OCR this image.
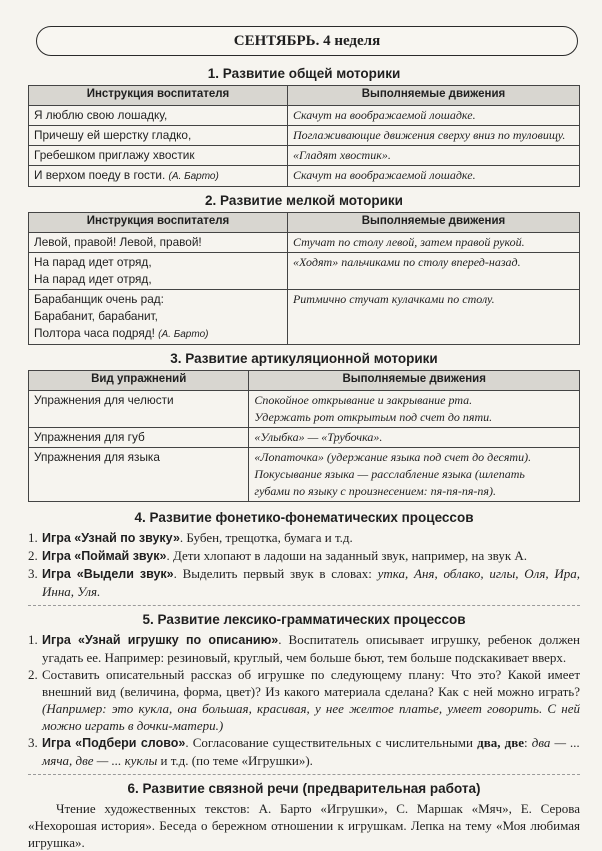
СЕНТЯБРЬ. 4 неделя
1. Развитие общей моторики
Инструкция воспитателя	Выполняемые движения
Я люблю свою лошадку,	Скачут на воображаемой лошадке.
Причешу ей шерстку гладко,	Поглаживающие движения сверху вниз по туловищу.
Гребешком приглажу хвостик	«Гладят хвостик».
И верхом поеду в гости. (А. Барто)	Скачут на воображаемой лошадке.
2. Развитие мелкой моторики
Инструкция воспитателя	Выполняемые движения
Левой, правой! Левой, правой!	Стучат по столу левой, затем правой рукой.

На парад идет отряд,
На парад идет отряд,	«Ходят» пальчиками по столу вперед-назад.

Барабанщик очень рад:
Барабанит, барабанит,
Полтора часа подряд! (А. Барто)	Ритмично стучат кулачками по столу.
3. Развитие артикуляционной моторики
Вид упражнений	Выполняемые движения
Упражнения для челюсти	Спокойное открывание и закрывание рта.
Удержать рот открытым под счет до пяти.

Упражнения для губ	«Улыбка» — «Трубочка».
Упражнения для языка	«Лопаточка» (удержание языка под счет до десяти).
Покусывание языка — расслабление языка (шлепать
губами по языку с произнесением: пя-пя-пя-пя).
4. Развитие фонетико-фонематических процессов
1. Игра «Узнай по звуку». Бубен, трещотка, бумага и т.д.
2. Игра «Поймай звук». Дети хлопают в ладоши на заданный звук, например, на звук А.
3. Игра «Выдели звук». Выделить первый звук в словах: утка, Аня, облако, иглы, Оля, Ира, Инна, Уля.
5. Развитие лексико-грамматических процессов
1. Игра «Узнай игрушку по описанию». Воспитатель описывает игрушку, ребенок должен угадать ее. Например: резиновый, круглый, чем больше бьют, тем больше подскакивает вверх.
2. Составить описательный рассказ об игрушке по следующему плану: Что это? Какой имеет внешний вид (величина, форма, цвет)? Из какого материала сделана? Как с ней можно играть? (Например: это кукла, она большая, красивая, у нее желтое платье, умеет говорить. С ней можно играть в дочки-матери.)
3. Игра «Подбери слово». Согласование существительных с числительными два, две: два — ... мяча, две — ... куклы и т.д. (по теме «Игрушки»).
6. Развитие связной речи (предварительная работа)
Чтение художественных текстов: А. Барто «Игрушки», С. Маршак «Мяч», Е. Серова «Нехорошая история». Беседа о бережном отношении к игрушкам. Лепка на тему «Моя любимая игрушка».
